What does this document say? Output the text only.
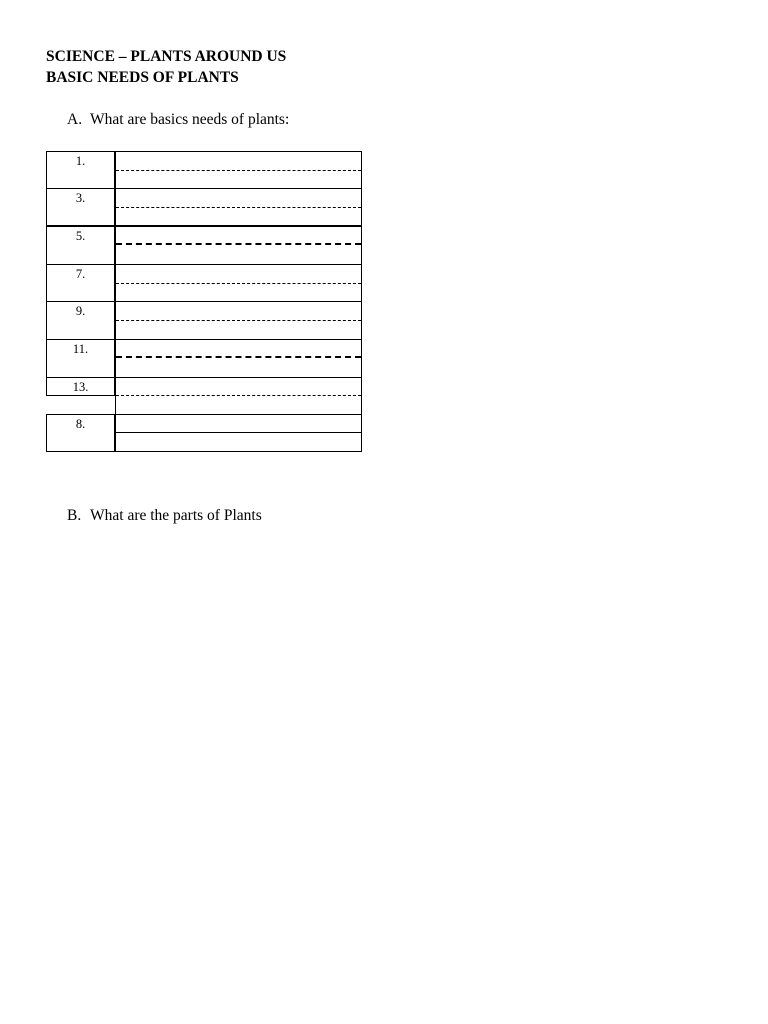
SCIENCE – PLANTS AROUND US
BASIC NEEDS OF PLANTS
A. What are basics needs of plants:
1.
3.
5.
7.
9.
11.
13.
8.
B. What are the parts of Plants
